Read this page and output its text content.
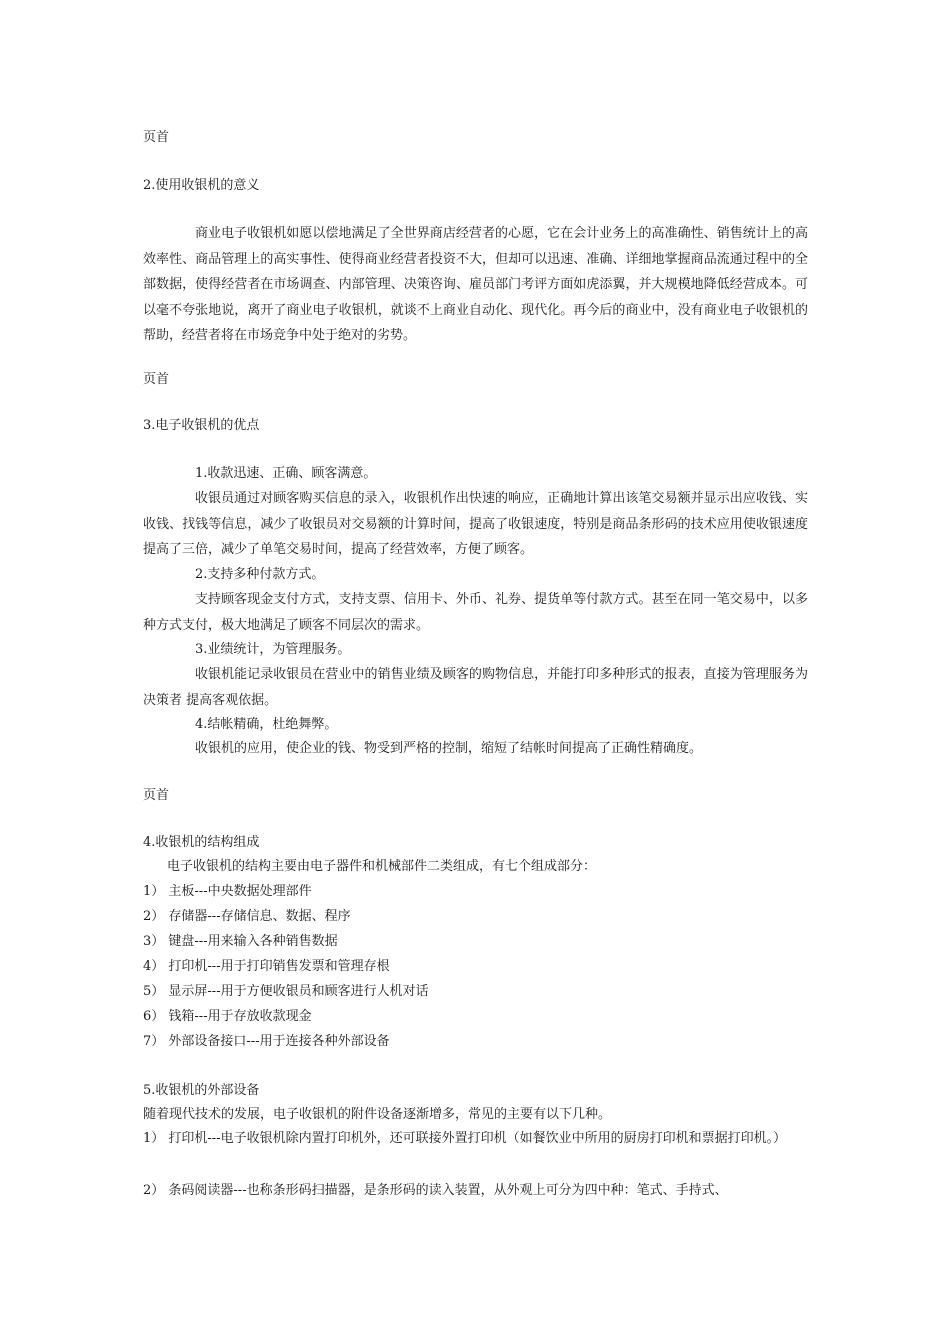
页首

2.使用收银机的意义

商业电子收银机如愿以偿地满足了全世界商店经营者的心愿，它在会计业务上的高准确性、销售统计上的高效率性、商品管理上的高实事性、使得商业经营者投资不大，但却可以迅速、准确、详细地掌握商品流通过程中的全部数据，使得经营者在市场调查、内部管理、决策咨询、雇员部门考评方面如虎添翼，并大规模地降低经营成本。可以毫不夸张地说，离开了商业电子收银机，就谈不上商业自动化、现代化。再今后的商业中，没有商业电子收银机的帮助，经营者将在市场竞争中处于绝对的劣势。

页首

3.电子收银机的优点

1.收款迅速、正确、顾客满意。

收银员通过对顾客购买信息的录入，收银机作出快速的响应，正确地计算出该笔交易额并显示出应收钱、实收钱、找钱等信息，减少了收银员对交易额的计算时间，提高了收银速度，特别是商品条形码的技术应用使收银速度提高了三倍，减少了单笔交易时间，提高了经营效率，方便了顾客。

2.支持多种付款方式。

支持顾客现金支付方式，支持支票、信用卡、外币、礼券、提货单等付款方式。甚至在同一笔交易中，以多种方式支付，极大地满足了顾客不同层次的需求。

3.业绩统计，为管理服务。

收银机能记录收银员在营业中的销售业绩及顾客的购物信息，并能打印多种形式的报表，直接为管理服务为决策者 提高客观依据。

4.结帐精确，杜绝舞弊。

收银机的应用，使企业的钱、物受到严格的控制，缩短了结帐时间提高了正确性精确度。

页首

4.收银机的结构组成

电子收银机的结构主要由电子器件和机械部件二类组成，有七个组成部分：

1） 主板---中央数据处理部件

2） 存储器---存储信息、数据、程序

3） 键盘---用来输入各种销售数据

4） 打印机---用于打印销售发票和管理存根

5） 显示屏---用于方便收银员和顾客进行人机对话

6） 钱箱---用于存放收款现金

7） 外部设备接口---用于连接各种外部设备

5.收银机的外部设备

随着现代技术的发展，电子收银机的附件设备逐渐增多，常见的主要有以下几种。

1） 打印机---电子收银机除内置打印机外，还可联接外置打印机（如餐饮业中所用的厨房打印机和票据打印机。）

2） 条码阅读器---也称条形码扫描器，是条形码的读入装置，从外观上可分为四中种：笔式、手持式、
